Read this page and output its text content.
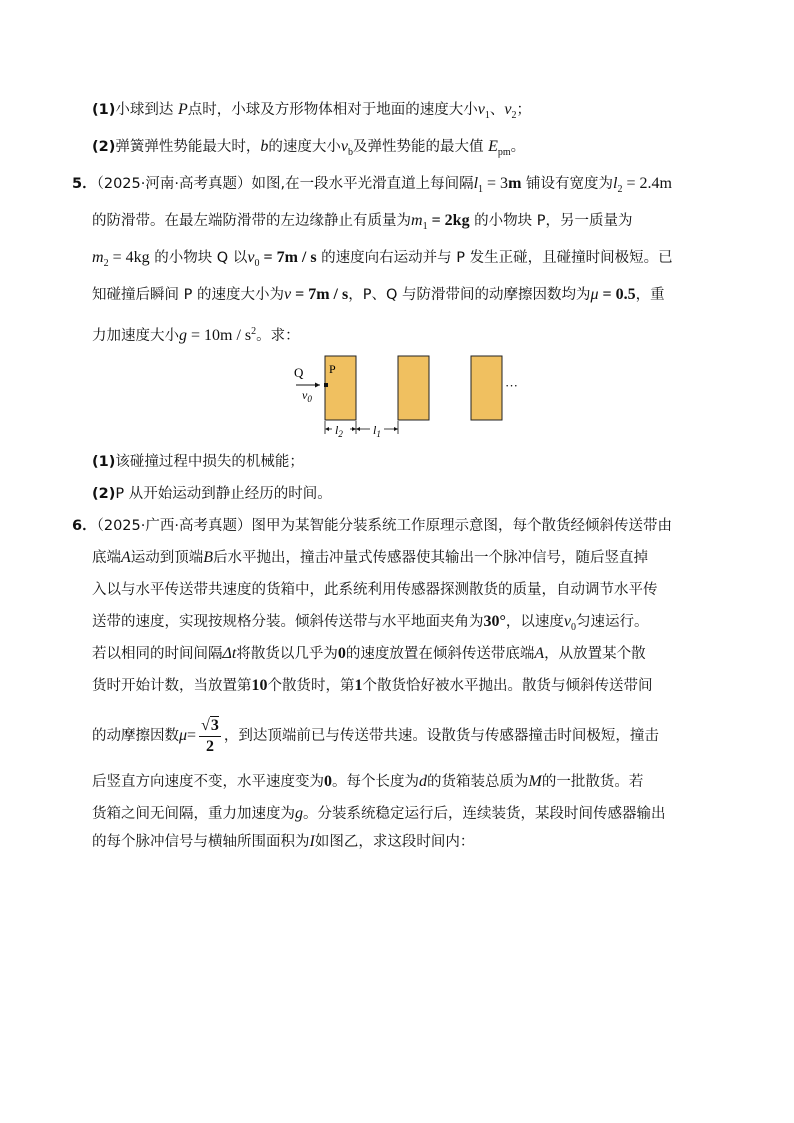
(1)小球到达 P点时，小球及方形物体相对于地面的速度大小$v_1$、$v_2$；
(2)弹簧弹性势能最大时，b的速度大小$v_b$及弹性势能的最大值 $E_{pm}$。
5．（2025·河南·高考真题）如图,在一段水平光滑直道上每间隔$l_1 = 3m$ 铺设有宽度为$l_2 = 2.4m$
的防滑带。在最左端防滑带的左边缘静止有质量为$m_1 = 2kg$ 的小物块 P，另一质量为
$m_2 = 4kg$ 的小物块 Q 以$v_0 = 7m / s$ 的速度向右运动并与 P 发生正碰，且碰撞时间极短。已
知碰撞后瞬间 P 的速度大小为v = 7m / s，P、Q 与防滑带间的动摩擦因数均为μ = 0.5，重
力加速度大小$g = 10m / s^2$。求：
Q
$v_0$
P
···
$l_2$	$l_1$
(1)该碰撞过程中损失的机械能；
(2)P 从开始运动到静止经历的时间。
6．（2025·广西·高考真题）图甲为某智能分装系统工作原理示意图，每个散货经倾斜传送带由
底端A运动到顶端B后水平抛出，撞击冲量式传感器使其输出一个脉冲信号，随后竖直掉
入以与水平传送带共速度的货箱中，此系统利用传感器探测散货的质量，自动调节水平传
送带的速度，实现按规格分装。倾斜传送带与水平地面夹角为30°，以速度$v_0$匀速运行。
若以相同的时间间隔Δt将散货以几乎为0的速度放置在倾斜传送带底端A，从放置某个散
货时开始计数，当放置第10个散货时，第1个散货恰好被水平抛出。散货与倾斜传送带间
的动摩擦因数$\mu= \frac{√3}{2}$ ，到达顶端前已与传送带共速。设散货与传感器撞击时间极短，撞击
后竖直方向速度不变，水平速度变为0。每个长度为d的货箱装总质为M的一批散货。若
货箱之间无间隔，重力加速度为g。分装系统稳定运行后，连续装货，某段时间传感器输出
的每个脉冲信号与横轴所围面积为I如图乙，求这段时间内：
